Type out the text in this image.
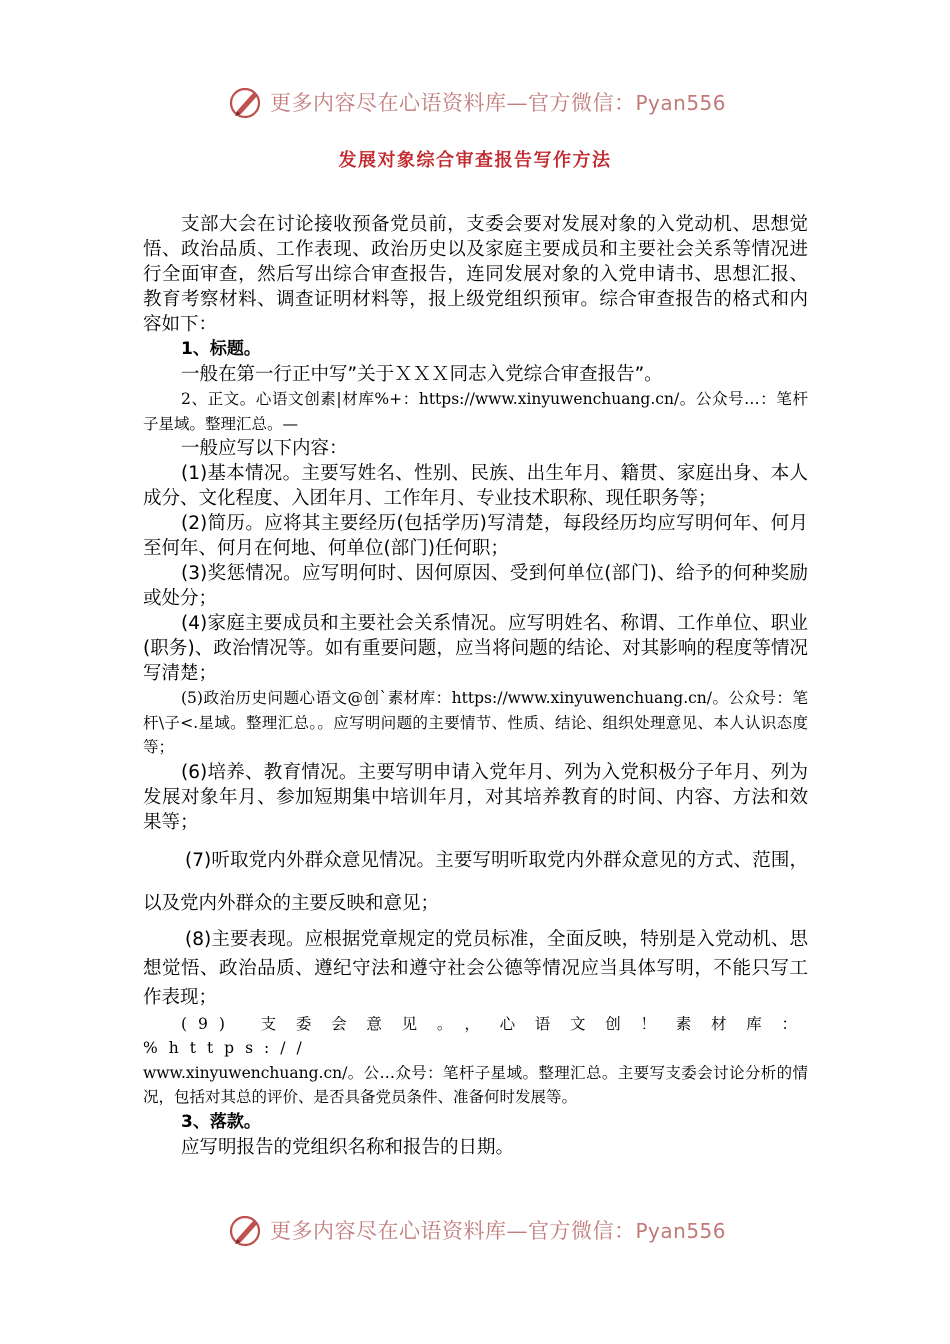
更多内容尽在心语资料库—官方微信：Pyan556
发展对象综合审查报告写作方法

支部大会在讨论接收预备党员前，支委会要对发展对象的入党动机、思想觉悟、政治品质、工作表现、政治历史以及家庭主要成员和主要社会关系等情况进行全面审查，然后写出综合审查报告，连同发展对象的入党申请书、思想汇报、教育考察材料、调查证明材料等，报上级党组织预审。综合审查报告的格式和内容如下：

1、标题。

一般在第一行正中写”关于ＸＸＸ同志入党综合审查报告”。

2、正文。心语文创素|材库%+：https://www.xinyuwenchuang.cn/。公众号…：笔杆子星域。整理汇总。—

一般应写以下内容：

(1)基本情况。主要写姓名、性别、民族、出生年月、籍贯、家庭出身、本人成分、文化程度、入团年月、工作年月、专业技术职称、现任职务等；

(2)简历。应将其主要经历(包括学历)写清楚，每段经历均应写明何年、何月至何年、何月在何地、何单位(部门)任何职；

(3)奖惩情况。应写明何时、因何原因、受到何单位(部门)、给予的何种奖励或处分；

(4)家庭主要成员和主要社会关系情况。应写明姓名、称谓、工作单位、职业(职务)、政治情况等。如有重要问题，应当将问题的结论、对其影响的程度等情况写清楚；

(5)政治历史问题心语文@创`素材库：https://www.xinyuwenchuang.cn/。公众号：笔杆\子<.星域。整理汇总。。应写明问题的主要情节、性质、结论、组织处理意见、本人认识态度等；

(6)培养、教育情况。主要写明申请入党年月、列为入党积极分子年月、列为发展对象年月、参加短期集中培训年月，对其培养教育的时间、内容、方法和效果等；

(7)听取党内外群众意见情况。主要写明听取党内外群众意见的方式、范围，以及党内外群众的主要反映和意见；

(8)主要表现。应根据党章规定的党员标准，全面反映，特别是入党动机、思想觉悟、政治品质、遵纪守法和遵守社会公德等情况应当具体写明，不能只写工作表现；

(9) 支委会意见。，心语文创！素材库：%https://

www.xinyuwenchuang.cn/。公…众号：笔杆子星域。整理汇总。主要写支委会讨论分析的情况，包括对其总的评价、是否具备党员条件、准备何时发展等。

3、落款。

应写明报告的党组织名称和报告的日期。

更多内容尽在心语资料库—官方微信：Pyan556
